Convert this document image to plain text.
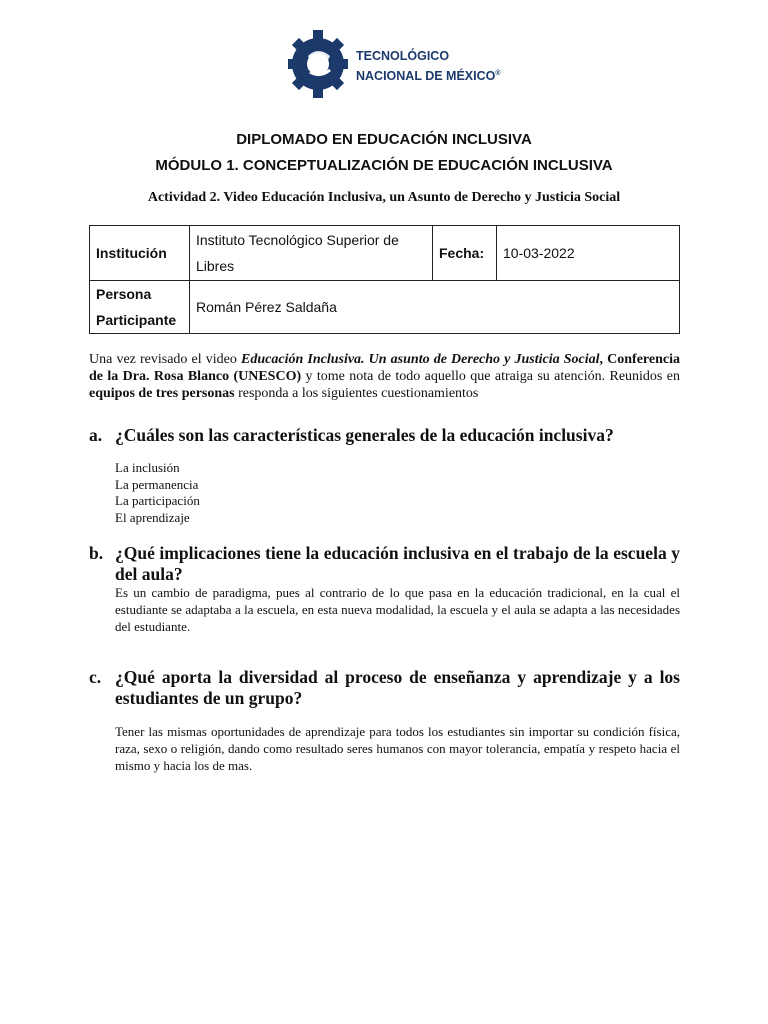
TECNOLÓGICO
NACIONAL DE MÉXICO®
DIPLOMADO EN EDUCACIÓN INCLUSIVA
MÓDULO 1. CONCEPTUALIZACIÓN DE EDUCACIÓN INCLUSIVA
Actividad 2. Video Educación Inclusiva, un Asunto de Derecho y Justicia Social
Institución	Instituto Tecnológico Superior de Libres	Fecha:	10-03-2022
Persona Participante	Román Pérez Saldaña		

Una vez revisado el video Educación Inclusiva. Un asunto de Derecho y Justicia Social, Conferencia de la Dra. Rosa Blanco (UNESCO) y tome nota de todo aquello que atraiga su atención. Reunidos en equipos de tres personas responda a los siguientes cuestionamientos

a. ¿Cuáles son las características generales de la educación inclusiva?
La inclusión
La permanencia
La participación
El aprendizaje
b. ¿Qué implicaciones tiene la educación inclusiva en el trabajo de la escuela y del aula?

Es un cambio de paradigma, pues al contrario de lo que pasa en la educación tradicional, en la cual el estudiante se adaptaba a la escuela, en esta nueva modalidad, la escuela y el aula se adapta a las necesidades del estudiante.

c. ¿Qué aporta la diversidad al proceso de enseñanza y aprendizaje y a los estudiantes de un grupo?

Tener las mismas oportunidades de aprendizaje para todos los estudiantes sin importar su condición física, raza, sexo o religión, dando como resultado seres humanos con mayor tolerancia, empatía y respeto hacia el mismo y hacia los de mas.
